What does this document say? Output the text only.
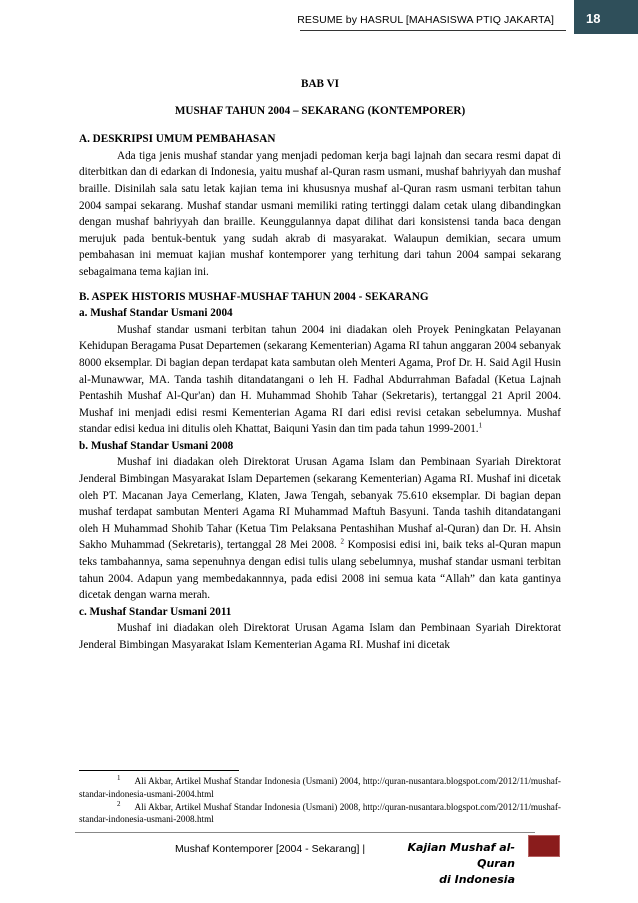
RESUME by HASRUL [MAHASISWA PTIQ JAKARTA] 18
BAB VI
MUSHAF TAHUN 2004 – SEKARANG (KONTEMPORER)
A. DESKRIPSI UMUM PEMBAHASAN

Ada tiga jenis mushaf standar yang menjadi pedoman kerja bagi lajnah dan secara resmi dapat di diterbitkan dan di edarkan di Indonesia, yaitu mushaf al-Quran rasm usmani, mushaf bahriyyah dan mushaf braille. Disinilah sala satu letak kajian tema ini khususnya mushaf al-Quran rasm usmani terbitan tahun 2004 sampai sekarang. Mushaf standar usmani memiliki rating tertinggi dalam cetak ulang dibandingkan dengan mushaf bahriyyah dan braille. Keunggulannya dapat dilihat dari konsistensi tanda baca dengan merujuk pada bentuk-bentuk yang sudah akrab di masyarakat. Walaupun demikian, secara umum pembahasan ini memuat kajian mushaf kontemporer yang terhitung dari tahun 2004 sampai sekarang sebagaimana tema kajian ini.

B. ASPEK HISTORIS MUSHAF-MUSHAF TAHUN 2004 - SEKARANG
a. Mushaf Standar Usmani 2004

Mushaf standar usmani terbitan tahun 2004 ini diadakan oleh Proyek Peningkatan Pelayanan Kehidupan Beragama Pusat Departemen (sekarang Kementerian) Agama RI tahun anggaran 2004 sebanyak 8000 eksemplar. Di bagian depan terdapat kata sambutan oleh Menteri Agama, Prof Dr. H. Said Agil Husin al-Munawwar, MA. Tanda tashih ditandatangani o leh H. Fadhal Abdurrahman Bafadal (Ketua Lajnah Pentashih Mushaf Al-Qur'an) dan H. Muhammad Shohib Tahar (Sekretaris), tertanggal 21 April 2004. Mushaf ini menjadi edisi resmi Kementerian Agama RI dari edisi revisi cetakan sebelumnya. Mushaf standar edisi kedua ini ditulis oleh Khattat, Baiquni Yasin dan tim pada tahun 1999-2001.$^1$

b. Mushaf Standar Usmani 2008

Mushaf ini diadakan oleh Direktorat Urusan Agama Islam dan Pembinaan Syariah Direktorat Jenderal Bimbingan Masyarakat Islam Departemen (sekarang Kementerian) Agama RI. Mushaf ini dicetak oleh PT. Macanan Jaya Cemerlang, Klaten, Jawa Tengah, sebanyak 75.610 eksemplar. Di bagian depan mushaf terdapat sambutan Menteri Agama RI Muhammad Maftuh Basyuni. Tanda tashih ditandatangani oleh H Muhammad Shohib Tahar (Ketua Tim Pelaksana Pentashihan Mushaf al-Quran) dan Dr. H. Ahsin Sakho Muhammad (Sekretaris), tertanggal 28 Mei 2008. $^2$ Komposisi edisi ini, baik teks al-Quran mapun teks tambahannya, sama sepenuhnya dengan edisi tulis ulang sebelumnya, mushaf standar usmani terbitan tahun 2004. Adapun yang membedakannnya, pada edisi 2008 ini semua kata “Allah” dan kata gantinya dicetak dengan warna merah.

c. Mushaf Standar Usmani 2011

Mushaf ini diadakan oleh Direktorat Urusan Agama Islam dan Pembinaan Syariah Direktorat Jenderal Bimbingan Masyarakat Islam Kementerian Agama RI. Mushaf ini dicetak

$^1$ Ali Akbar, Artikel Mushaf Standar Indonesia (Usmani) 2004, http://quran-nusantara.blogspot.com/2012/11/mushaf-standar-indonesia-usmani-2004.html
$^2$ Ali Akbar, Artikel Mushaf Standar Indonesia (Usmani) 2008, http://quran-nusantara.blogspot.com/2012/11/mushaf-standar-indonesia-usmani-2008.html
Mushaf Kontemporer [2004 - Sekarang] |	Kajian Mushaf al-Quran
di Indonesia
